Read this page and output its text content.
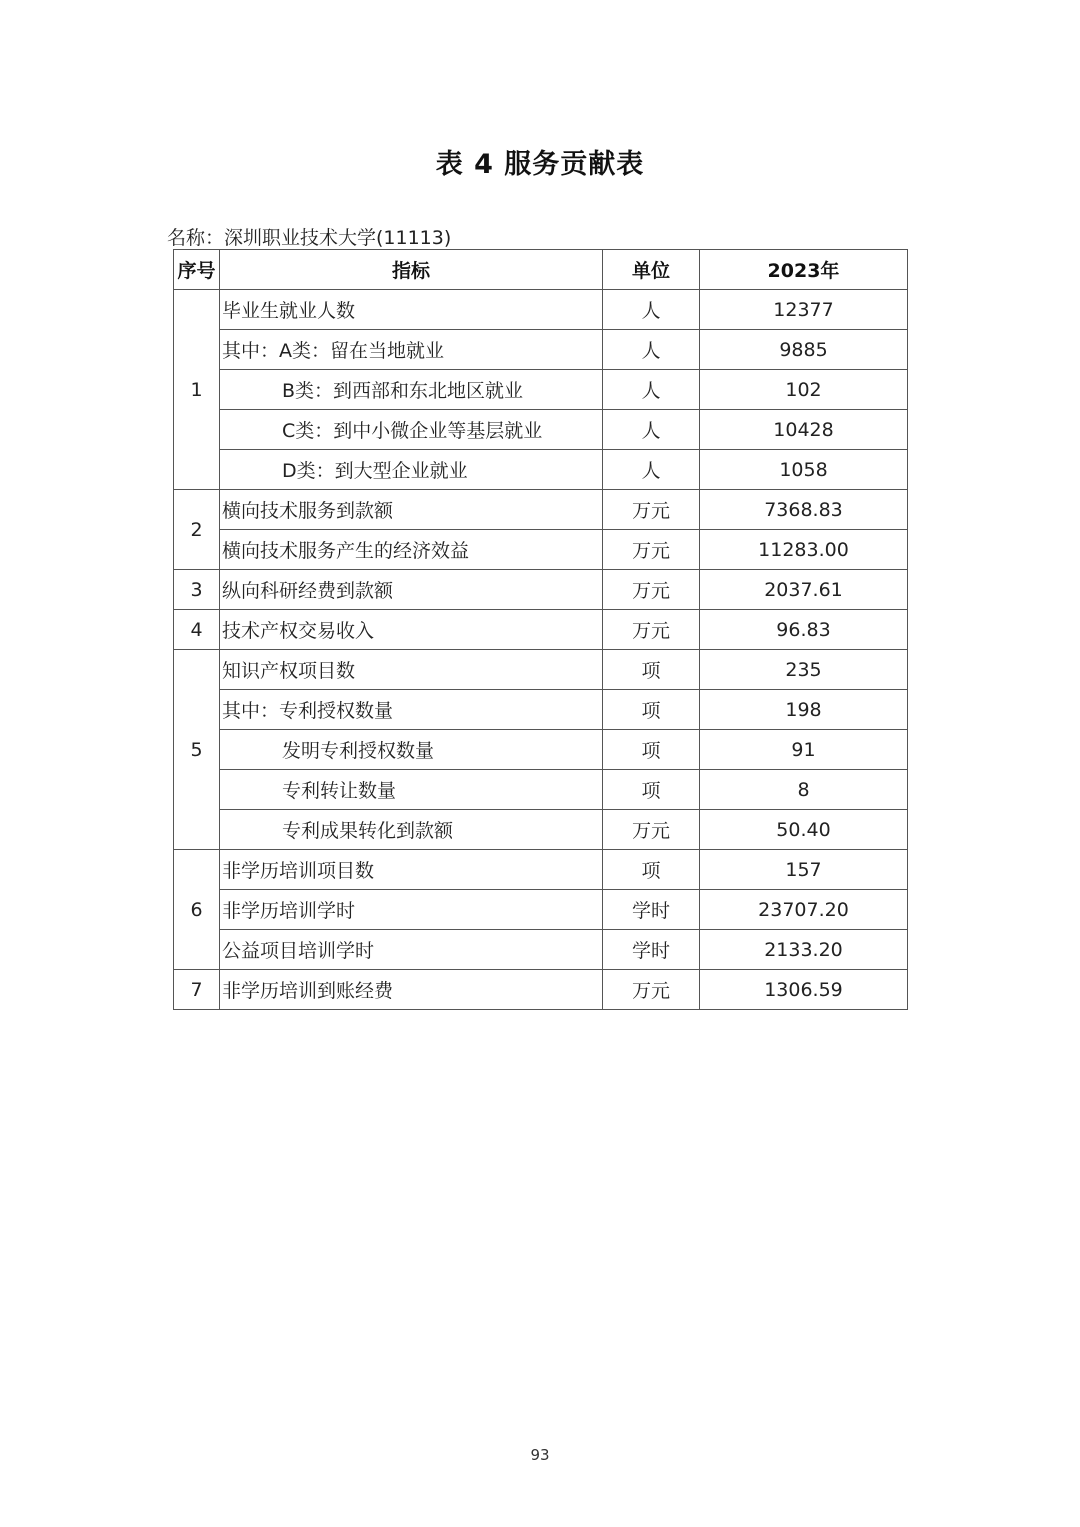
表 4 服务贡献表
名称：深圳职业技术大学(11113)
序号	指标	单位	2023年
1	毕业生就业人数	人	12377
	其中：A类：留在当地就业	人	9885
	B类：到西部和东北地区就业	人	102
	C类：到中小微企业等基层就业	人	10428
	D类：到大型企业就业	人	1058
2	横向技术服务到款额	万元	7368.83
	横向技术服务产生的经济效益	万元	11283.00
3	纵向科研经费到款额	万元	2037.61
4	技术产权交易收入	万元	96.83
5	知识产权项目数	项	235
	其中：专利授权数量	项	198
	发明专利授权数量	项	91
	专利转让数量	项	8
	专利成果转化到款额	万元	50.40
6	非学历培训项目数	项	157
	非学历培训学时	学时	23707.20
	公益项目培训学时	学时	2133.20
7	非学历培训到账经费	万元	1306.59
93
